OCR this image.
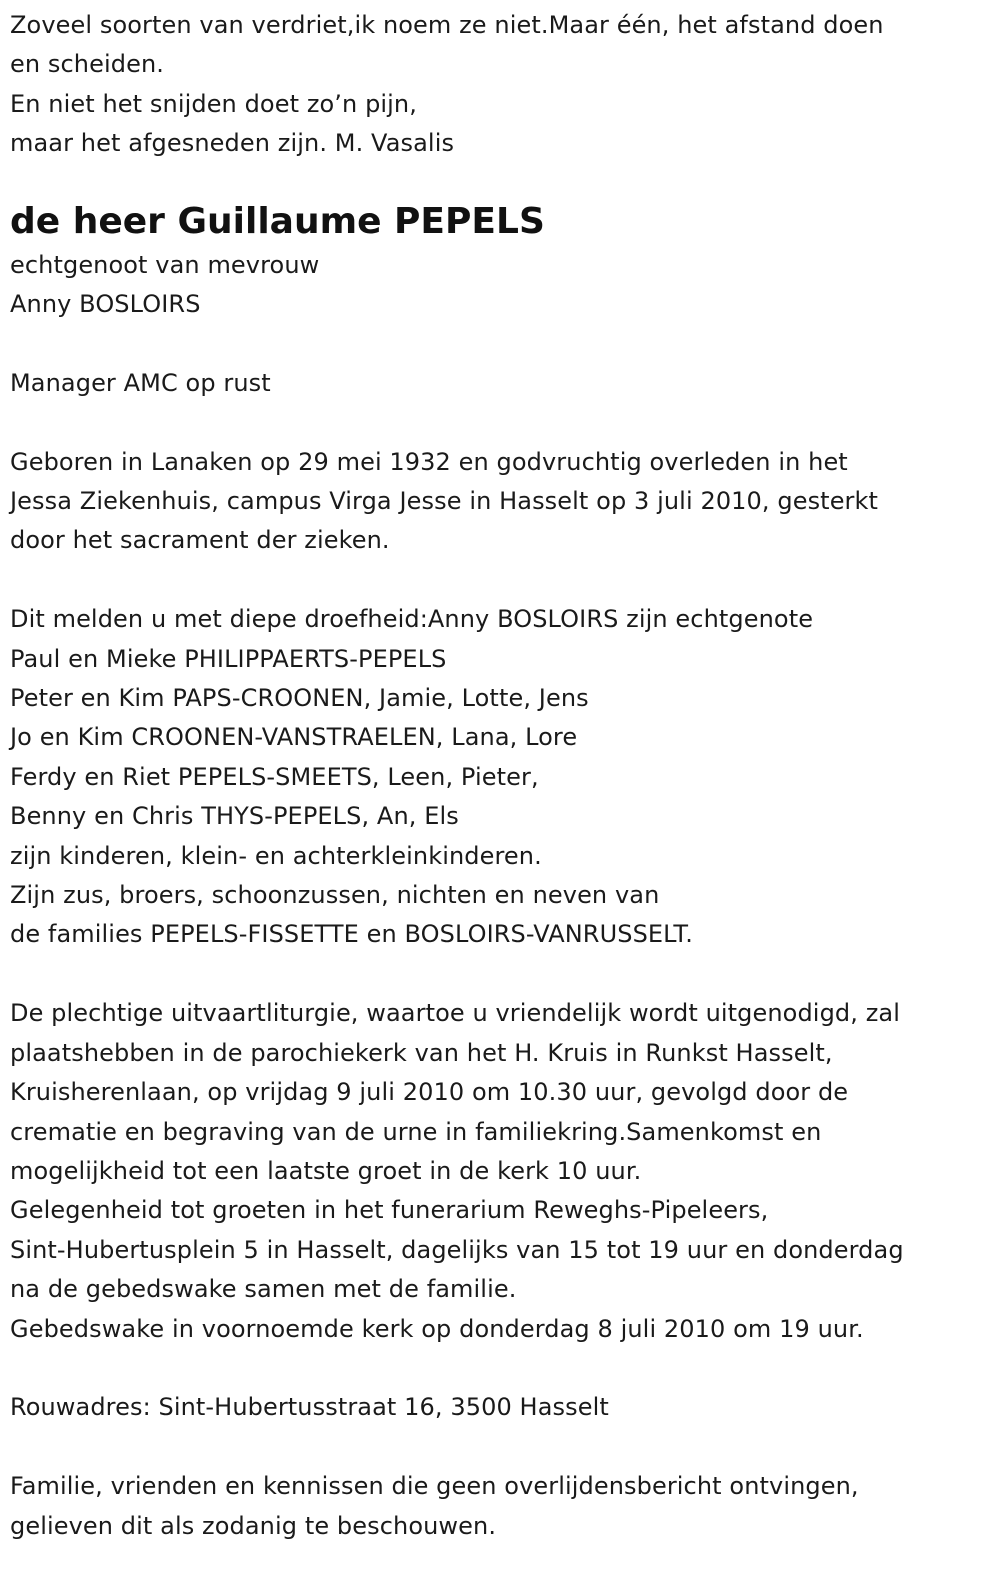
Zoveel soorten van verdriet,ik noem ze niet.Maar één, het afstand doen

en scheiden.

En niet het snijden doet zo’n pijn,

maar het afgesneden zijn. M. Vasalis

de heer Guillaume PEPELS

echtgenoot van mevrouw

Anny BOSLOIRS

Manager AMC op rust

Geboren in Lanaken op 29 mei 1932 en godvruchtig overleden in het

Jessa Ziekenhuis, campus Virga Jesse in Hasselt op 3 juli 2010, gesterkt

door het sacrament der zieken.

Dit melden u met diepe droefheid:Anny BOSLOIRS zijn echtgenote

Paul en Mieke PHILIPPAERTS-PEPELS

Peter en Kim PAPS-CROONEN, Jamie, Lotte, Jens

Jo en Kim CROONEN-VANSTRAELEN, Lana, Lore

Ferdy en Riet PEPELS-SMEETS, Leen, Pieter,

Benny en Chris THYS-PEPELS, An, Els

zijn kinderen, klein- en achterkleinkinderen.

Zijn zus, broers, schoonzussen, nichten en neven van

de families PEPELS-FISSETTE en BOSLOIRS-VANRUSSELT.

De plechtige uitvaartliturgie, waartoe u vriendelijk wordt uitgenodigd, zal

plaatshebben in de parochiekerk van het H. Kruis in Runkst Hasselt,

Kruisherenlaan, op vrijdag 9 juli 2010 om 10.30 uur, gevolgd door de

crematie en begraving van de urne in familiekring.Samenkomst en

mogelijkheid tot een laatste groet in de kerk 10 uur.

Gelegenheid tot groeten in het funerarium Reweghs-Pipeleers,

Sint-Hubertusplein 5 in Hasselt, dagelijks van 15 tot 19 uur en donderdag

na de gebedswake samen met de familie.

Gebedswake in voornoemde kerk op donderdag 8 juli 2010 om 19 uur.

Rouwadres: Sint-Hubertusstraat 16, 3500 Hasselt

Familie, vrienden en kennissen die geen overlijdensbericht ontvingen,

gelieven dit als zodanig te beschouwen.
